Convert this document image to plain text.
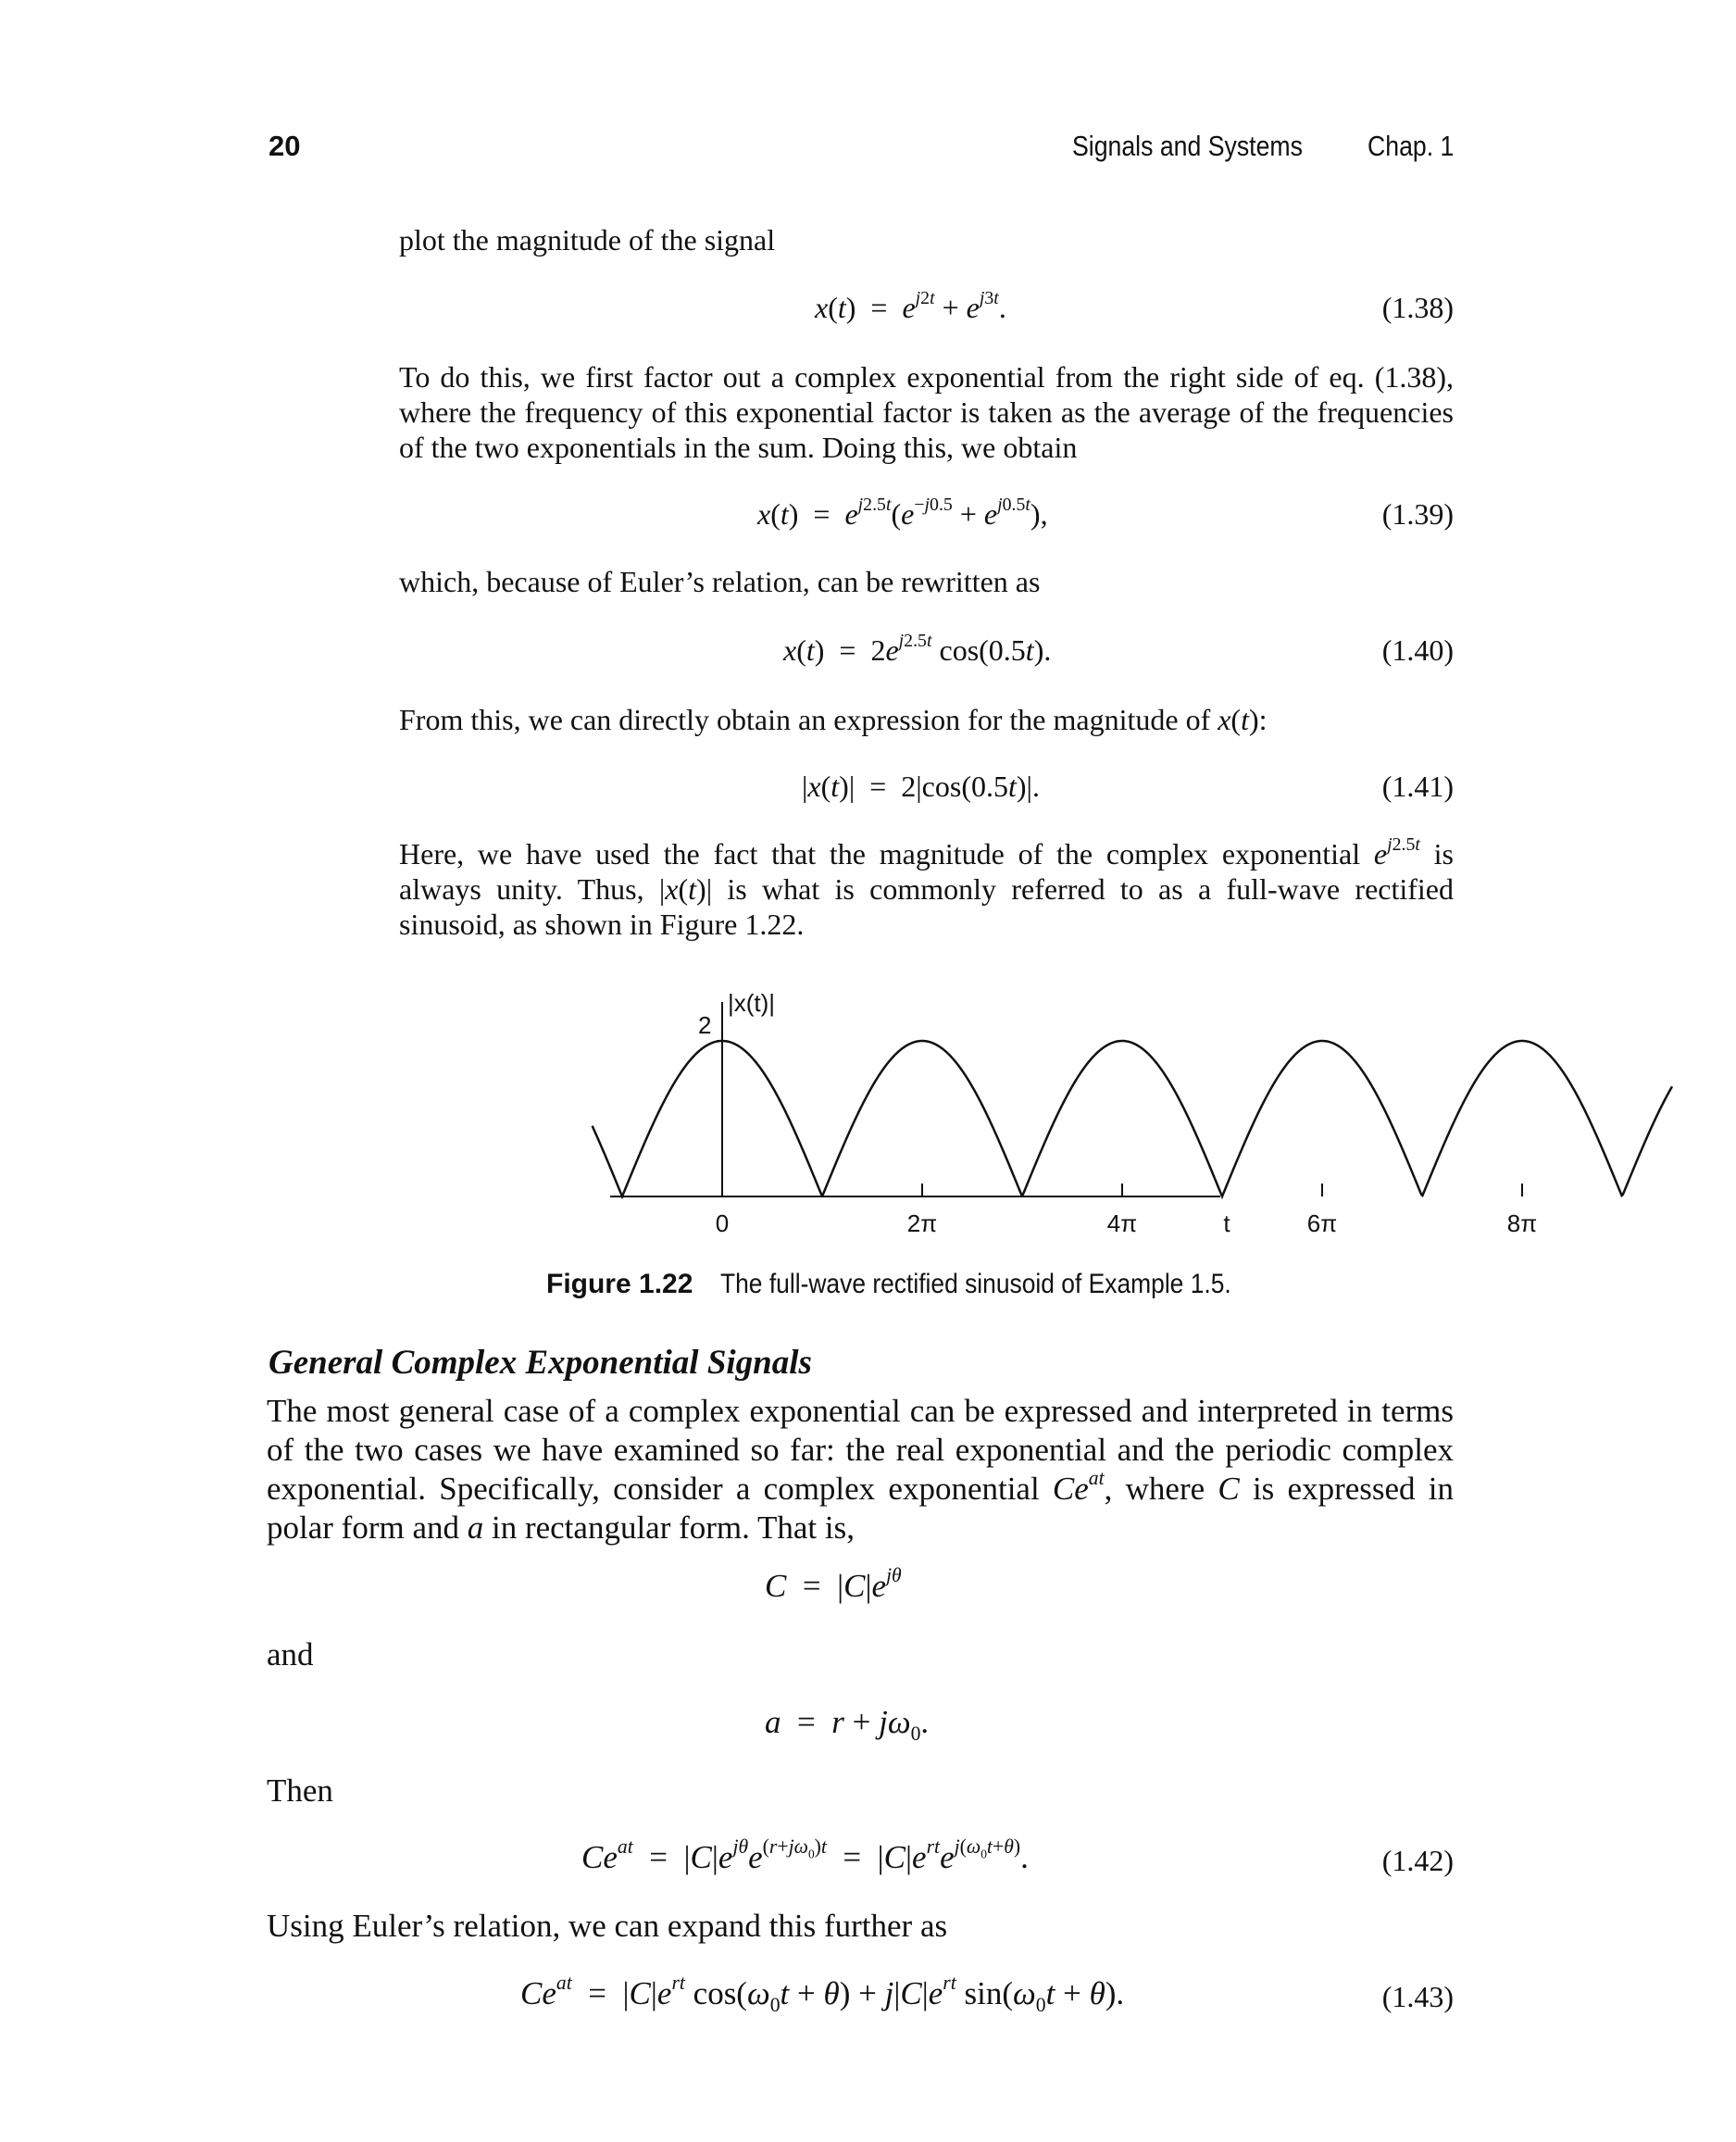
20	Signals and Systems Chap. 1
plot the magnitude of the signal
$x(t) = e^{j2t} + e^{j3t}$.	(1.38)
To do this, we first factor out a complex exponential from the right side of eq. (1.38), where the frequency of this exponential factor is taken as the average of the frequencies of the two exponentials in the sum. Doing this, we obtain
$x(t) = e^{j2.5t}(e^{-j0.5} + e^{j0.5t})$,	(1.39)
which, because of Euler’s relation, can be rewritten as
$x(t) = 2e^{j2.5t}$ cos(0.5t).	(1.40)
From this, we can directly obtain an expression for the magnitude of x(t):
|x(t)|  =  2|cos(0.5t)|.	(1.41)
Here, we have used the fact that the magnitude of the complex exponential $e^{j2.5t}$ is always unity. Thus, |x(t)| is what is commonly referred to as a full-wave rectified sinusoid, as shown in Figure 1.22.
|x(t)|
2
t
0	2π	4π	6π	8π
Figure 1.22 The full-wave rectified sinusoid of Example 1.5.
General Complex Exponential Signals
The most general case of a complex exponential can be expressed and interpreted in terms of the two cases we have examined so far: the real exponential and the periodic complex exponential. Specifically, consider a complex exponential $Ce^{at}$, where C is expressed in polar form and a in rectangular form. That is,
$C = |C|e^{j\theta}$
and
$a = r + j\omega_0$.
Then
$Ce^{at} = |C|e^{j\theta}e^{(r+j\omega_0)t} = |C|e^{rt}e^{j(\omega_0t+\theta)}$.	(1.42)
Using Euler’s relation, we can expand this further as
$Ce^{at} = |C|e^{rt}$ $\cos(\omega_0t + \theta) + j|C|e^{rt}$ $\sin(\omega_0t + \theta)$.	(1.43)
